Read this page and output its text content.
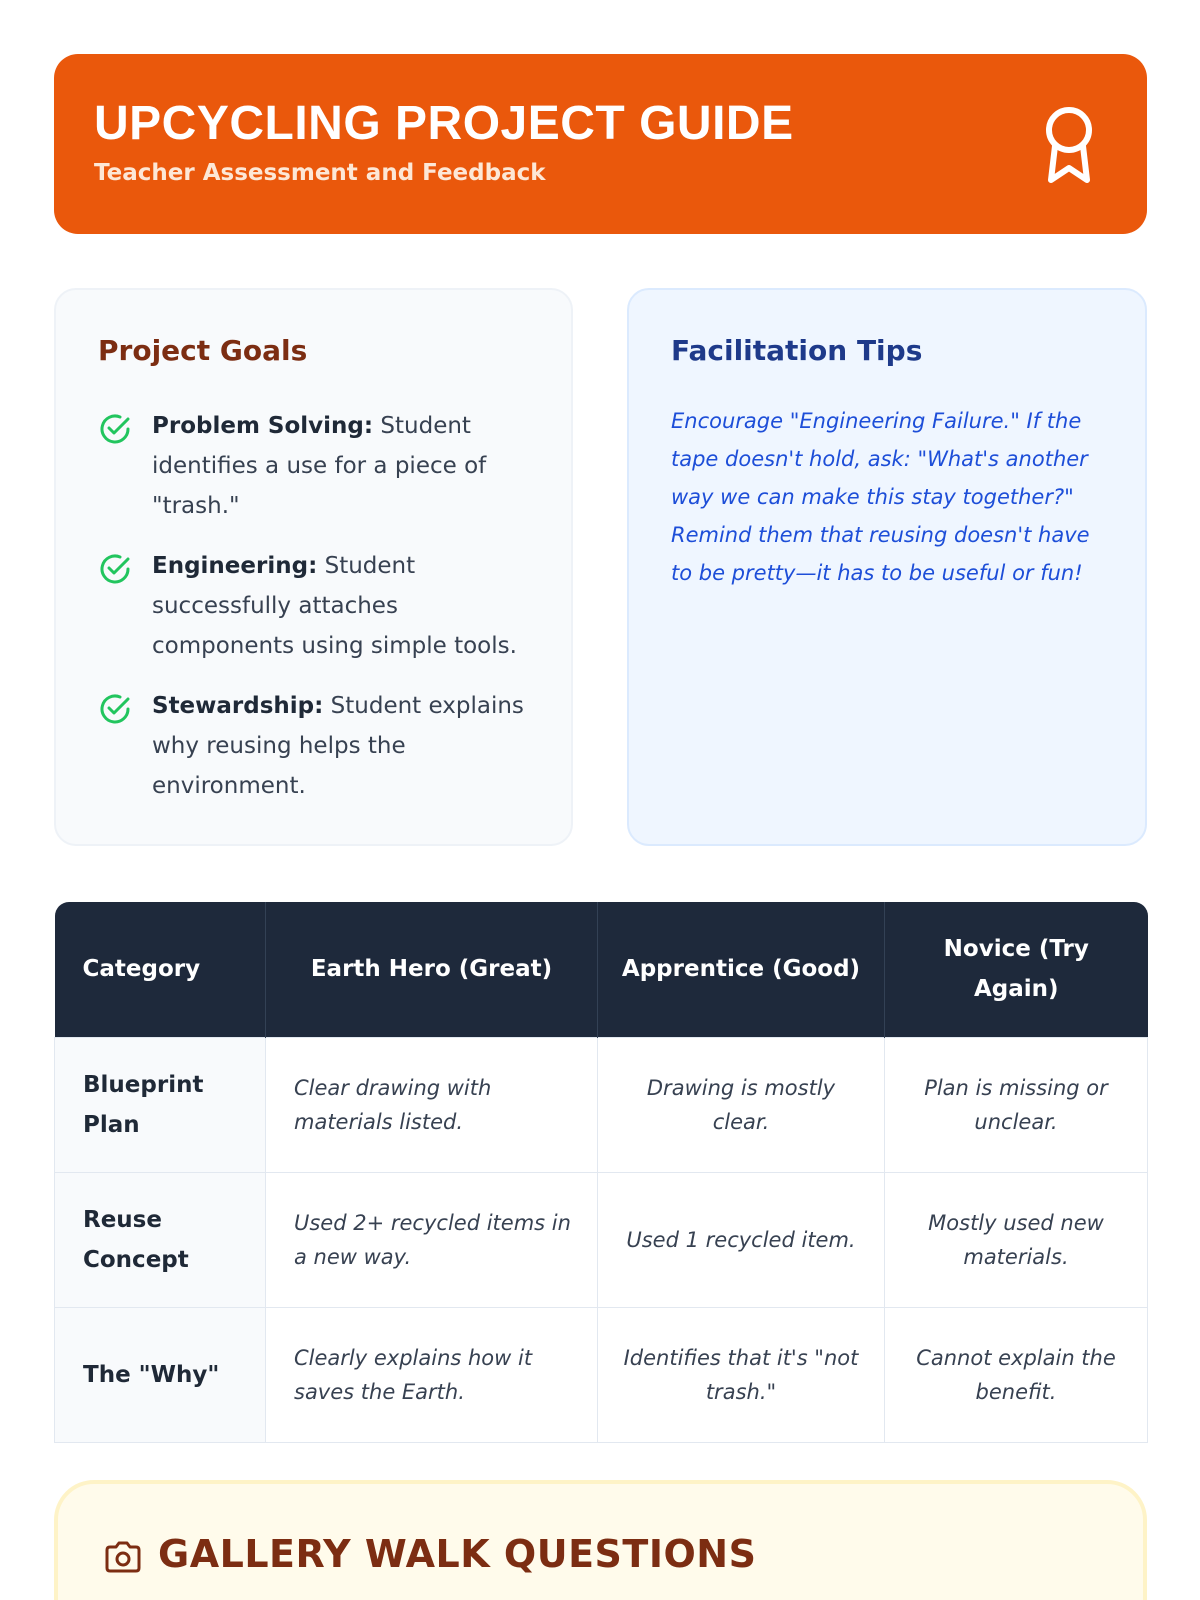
UPCYCLING PROJECT GUIDE
Teacher Assessment and Feedback
Project Goals
Problem Solving: Student identifies a use for a piece of "trash."
Engineering: Student successfully attaches components using simple tools.
Stewardship: Student explains why reusing helps the environment.
Facilitation Tips

Encourage "Engineering Failure." If the tape doesn't hold, ask: "What's another way we can make this stay together?" Remind them that reusing doesn't have to be pretty—it has to be useful or fun!

Category	Earth Hero (Great)	Apprentice (Good)	Novice (Try Again)
Blueprint Plan	Clear drawing with materials listed.	Drawing is mostly clear.	Plan is missing or unclear.
Reuse Concept	Used 2+ recycled items in a new way.	Used 1 recycled item.	Mostly used new materials.
The "Why"	Clearly explains how it saves the Earth.	Identifies that it's "not trash."	Cannot explain the benefit.
GALLERY WALK QUESTIONS
